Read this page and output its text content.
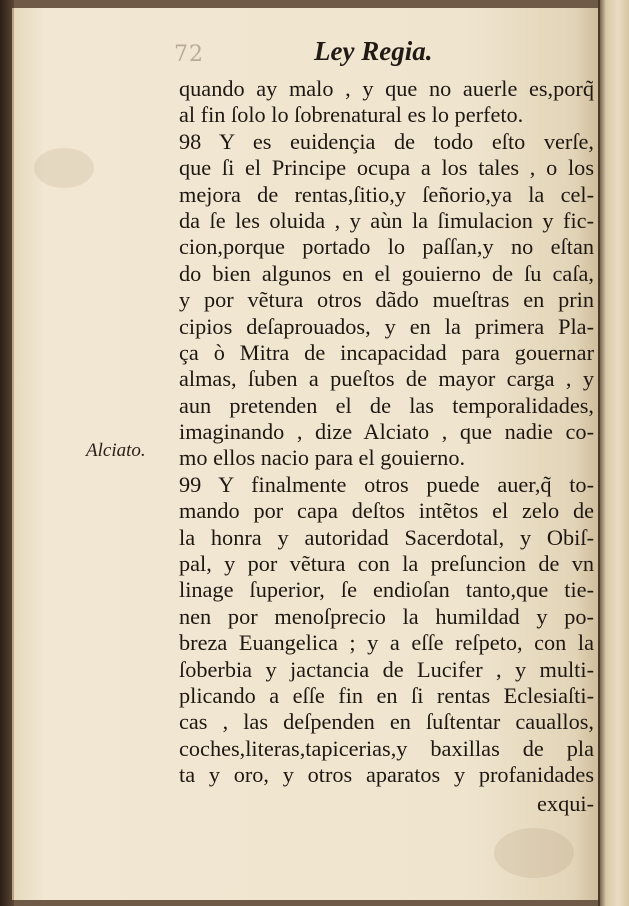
72	Ley Regia.
Alciato.
quando ay malo , y que no auerle es,porq̃
al fin ſolo lo ſobrenatural es lo perfeto.
98 Y es euidençia de todo eſto verſe,
que ſi el Principe ocupa a los tales , o los
mejora de rentas,ſitio,y ſeñorio,ya la cel-
da ſe les oluida , y aùn la ſimulacion y fic-
cion,porque portado lo paſſan,y no eſtan
do bien algunos en el gouierno de ſu caſa,
y por vẽtura otros dãdo mueſtras en prin
cipios deſaprouados, y en la primera Pla-
ça ò Mitra de incapacidad para gouernar
almas, ſuben a pueſtos de mayor carga , y
aun pretenden el de las temporalidades,
imaginando , dize Alciato , que nadie co-
mo ellos nacio para el gouierno.
99 Y finalmente otros puede auer,q̃ to-
mando por capa deſtos intẽtos el zelo de
la honra y autoridad Sacerdotal, y Obiſ-
pal, y por vẽtura con la preſuncion de vn
linage ſuperior, ſe endioſan tanto,que tie-
nen por menoſprecio la humildad y po-
breza Euangelica ; y a eſſe reſpeto, con la
ſoberbia y jactancia de Lucifer , y multi-
plicando a eſſe fin en ſi rentas Eclesiaſti-
cas , las deſpenden en ſuſtentar cauallos,
coches,literas,tapicerias,y baxillas de pla
ta y oro, y otros aparatos y profanidades
exqui-
